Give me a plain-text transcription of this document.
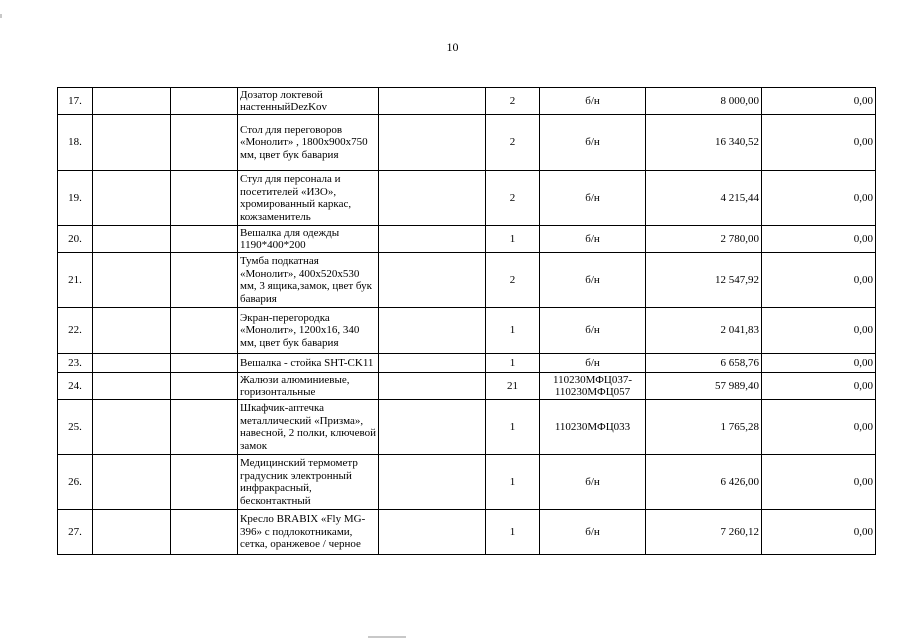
10
17.			Дозатор локтевой настенныйDezKov		2	б/н	8 000,00	0,00
18.			Стол для переговоров «Монолит» , 1800x900x750 мм, цвет бук бавария		2	б/н	16 340,52	0,00
19.			Стул для персонала и посетителей «ИЗО», хромированный каркас, кожзаменитель		2	б/н	4 215,44	0,00
20.			Вешалка для одежды 1190*400*200		1	б/н	2 780,00	0,00
21.			Тумба подкатная «Монолит», 400x520x530 мм, 3 ящика,замок, цвет бук бавария		2	б/н	12 547,92	0,00
22.			Экран-перегородка «Монолит», 1200x16, 340 мм, цвет бук бавария		1	б/н	2 041,83	0,00
23.			Вешалка - стойка SHT-CK11		1	б/н	6 658,76	0,00
24.			Жалюзи алюминиевые, горизонтальные		21	110230МФЦ037- 110230МФЦ057	57 989,40	0,00
25.			Шкафчик-аптечка металлический «Призма», навесной, 2 полки, ключевой замок		1	110230МФЦ033	1 765,28	0,00
26.			Медицинский термометр градусник электронный инфракрасный, бесконтактный		1	б/н	6 426,00	0,00
27.			Кресло BRABIX «Fly MG-396» с подлокотниками, сетка, оранжевое / черное		1	б/н	7 260,12	0,00
